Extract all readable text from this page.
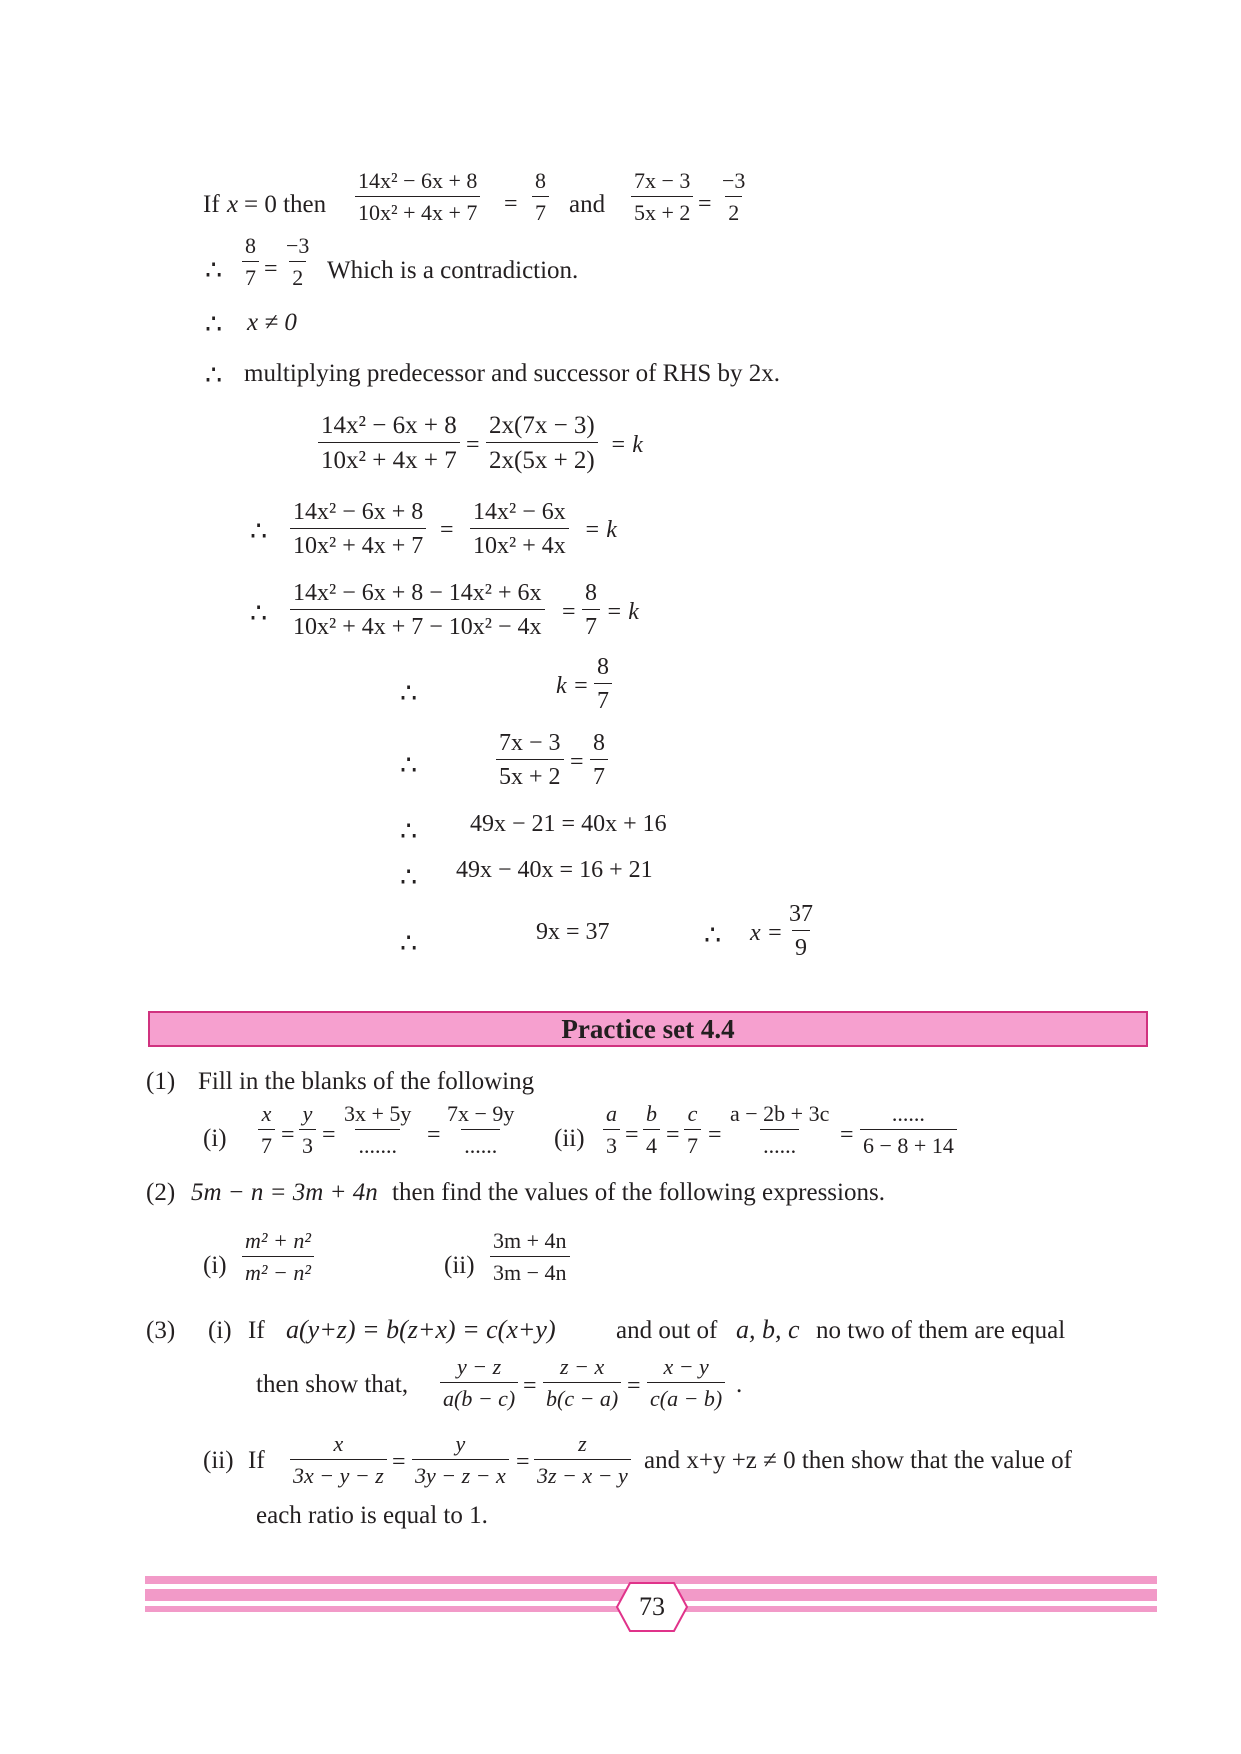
If x = 0 then $\frac{\text{14x² − 6x + 8}}{\text{10x² + 4x + 7}} = \frac{8}{7}$ and $\frac{7x - 3}{5x + 2} = \frac{-3}{2}$
∴ $\frac{8}{7} = \frac{-3}{2}$ Which is a contradiction.
∴ x ≠ 0
∴ multiplying predecessor and successor of RHS by 2x.
$\frac{\text{14x² − 6x + 8}}{\text{10x² + 4x + 7}} = \frac{2x(7x - 3)}{2x(5x + 2)} = k$
∴ $\frac{\text{14x² − 6x + 8}}{\text{10x² + 4x + 7}} = \frac{\text{14x² − 6x}}{\text{10x² + 4x}} = k$
∴ $\frac{\text{14x² − 6x + 8 − 14x² + 6x}}{\text{10x² + 4x + 7 − 10x² − 4x}} = \frac{8}{7} = k$
∴	$k = \frac{8}{7}$
∴	$\frac{7x - 3}{5x + 2} = \frac{8}{7}$
∴ 49x − 21 = 40x + 16
∴ 49x − 40x = 16 + 21
∴	9x = 37	∴ $x = \frac{37}{9}$
Practice set 4.4
(1) Fill in the blanks of the following
$(i) \frac{x}{7} = \frac{y}{3}$ =
3x + 5y
....... =
7x − 9y
...... $(ii) \frac{a}{3} = \frac{b}{4} = \frac{c}{7}$ =
a − 2b + 3c
...... =
......
6 − 8 + 14
(2) 5m − n = 3m + 4n then find the values of the following expressions.
$(i) \frac{\text{m² + n²}}{\text{m² − n²}}$	$(ii) \frac{3m + 4n}{3m - 4n}$
(3) (i) If a(y+z) = b(z+x) = c(x+y) and out of a, b, c no two of them are equal
then show that, $\frac{y - z}{a(b - c)} = \frac{z - x}{b(c - a)} = \frac{x - y}{c(a - b)}$ .
(ii) If $\frac{x}{3x - y - z} = \frac{y}{3y - z - x} = \frac{z}{3z - x - y}$ and x+y +z ≠ 0 then show that the value of
each ratio is equal to 1.
73
